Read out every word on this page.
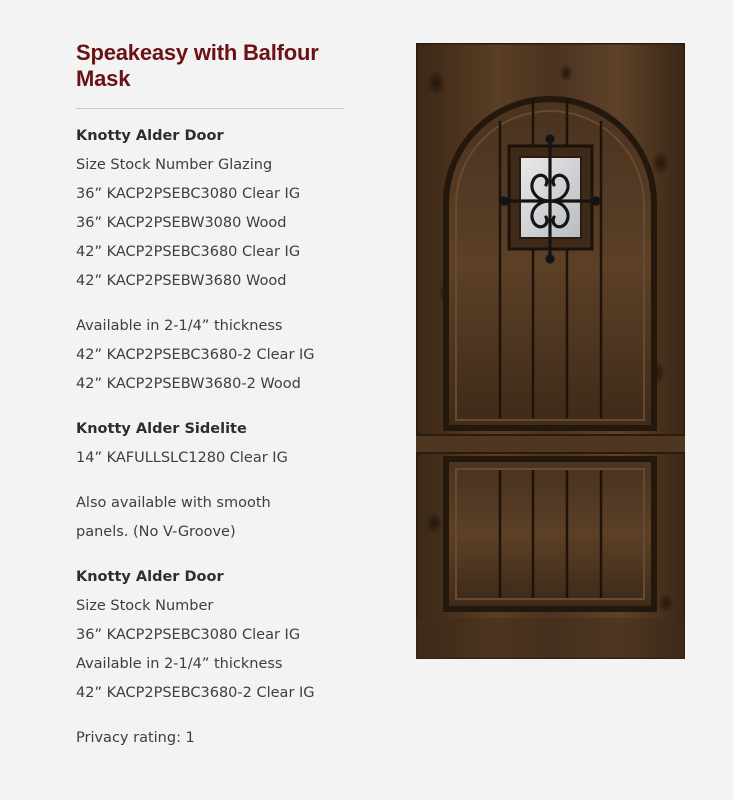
Speakeasy with Balfour
Mask
Knotty Alder Door
Size Stock Number Glazing
36” KACP2PSEBC3080 Clear IG
36” KACP2PSEBW3080 Wood
42” KACP2PSEBC3680 Clear IG
42” KACP2PSEBW3680 Wood
Available in 2-1/4” thickness
42” KACP2PSEBC3680-2 Clear IG
42” KACP2PSEBW3680-2 Wood
Knotty Alder Sidelite
14” KAFULLSLC1280 Clear IG
Also available with smooth
panels. (No V-Groove)
Knotty Alder Door
Size Stock Number
36” KACP2PSEBC3080 Clear IG
Available in 2-1/4” thickness
42” KACP2PSEBC3680-2 Clear IG
Privacy rating: 1
